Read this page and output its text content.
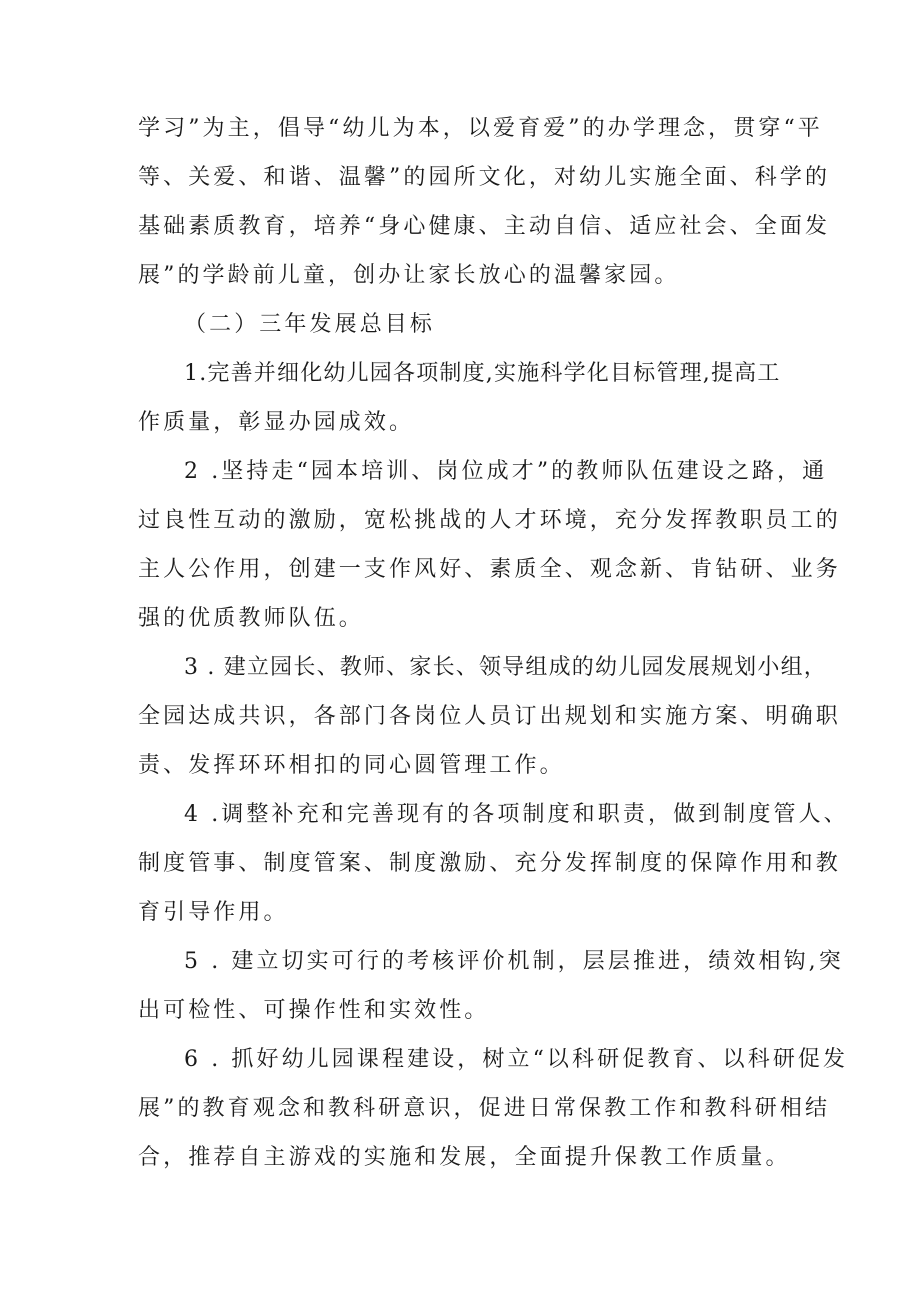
学习”为主，倡导“幼儿为本，以爱育爱”的办学理念，贯穿“平
等、关爱、和谐、温馨”的园所文化，对幼儿实施全面、科学的
基础素质教育，培养“身心健康、主动自信、适应社会、全面发
展”的学龄前儿童，创办让家长放心的温馨家园。
（二）三年发展总目标
1.完善并细化幼儿园各项制度,实施科学化目标管理,提高工
作质量，彰显办园成效。
2 .坚持走“园本培训、岗位成才”的教师队伍建设之路，通
过良性互动的激励，宽松挑战的人才环境，充分发挥教职员工的
主人公作用，创建一支作风好、素质全、观念新、肯钻研、业务
强的优质教师队伍。
3 . 建立园长、教师、家长、领导组成的幼儿园发展规划小组，
全园达成共识，各部门各岗位人员订出规划和实施方案、明确职
责、发挥环环相扣的同心圆管理工作。
4 .调整补充和完善现有的各项制度和职责，做到制度管人、
制度管事、制度管案、制度激励、充分发挥制度的保障作用和教
育引导作用。
5 . 建立切实可行的考核评价机制，层层推进，绩效相钩,突
出可检性、可操作性和实效性。
6 . 抓好幼儿园课程建设，树立“以科研促教育、以科研促发
展”的教育观念和教科研意识，促进日常保教工作和教科研相结
合，推荐自主游戏的实施和发展，全面提升保教工作质量。
